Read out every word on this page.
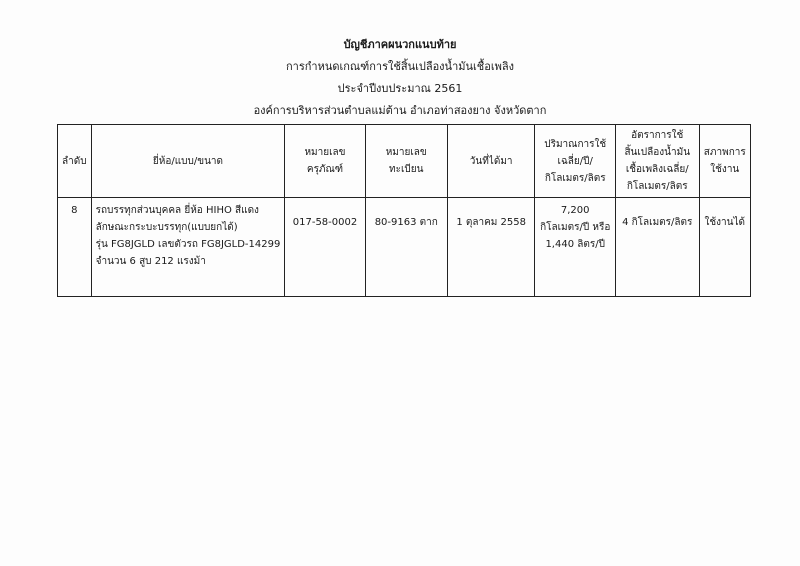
บัญชีภาคผนวกแนบท้าย
การกำหนดเกณฑ์การใช้สิ้นเปลืองน้ำมันเชื้อเพลิง
ประจำปีงบประมาณ 2561
องค์การบริหารส่วนตำบลแม่ต้าน อำเภอท่าสองยาง จังหวัดตาก
ลำดับ	ยี่ห้อ/แบบ/ขนาด	หมายเลขครุภัณฑ์	หมายเลขทะเบียน	วันที่ได้มา	ปริมาณการใช้
เฉลี่ย/ปี/
กิโลเมตร/ลิตร	อัตราการใช้
สิ้นเปลืองน้ำมัน
เชื้อเพลิงเฉลี่ย/
กิโลเมตร/ลิตร	สภาพการ
ใช้งาน

8	รถบรรทุกส่วนบุคคล ยี่ห้อ HIHO สีแดง
ลักษณะกระบะบรรทุก(แบบยกได้)
รุ่น FG8JGLD เลขตัวรถ FG8JGLD-14299
จำนวน 6 สูบ 212 แรงม้า	017-58-0002	80-9163 ตาก	1 ตุลาคม 2558	7,200
กิโลเมตร/ปี หรือ
1,440 ลิตร/ปี	4 กิโลเมตร/ลิตร	ใช้งานได้
